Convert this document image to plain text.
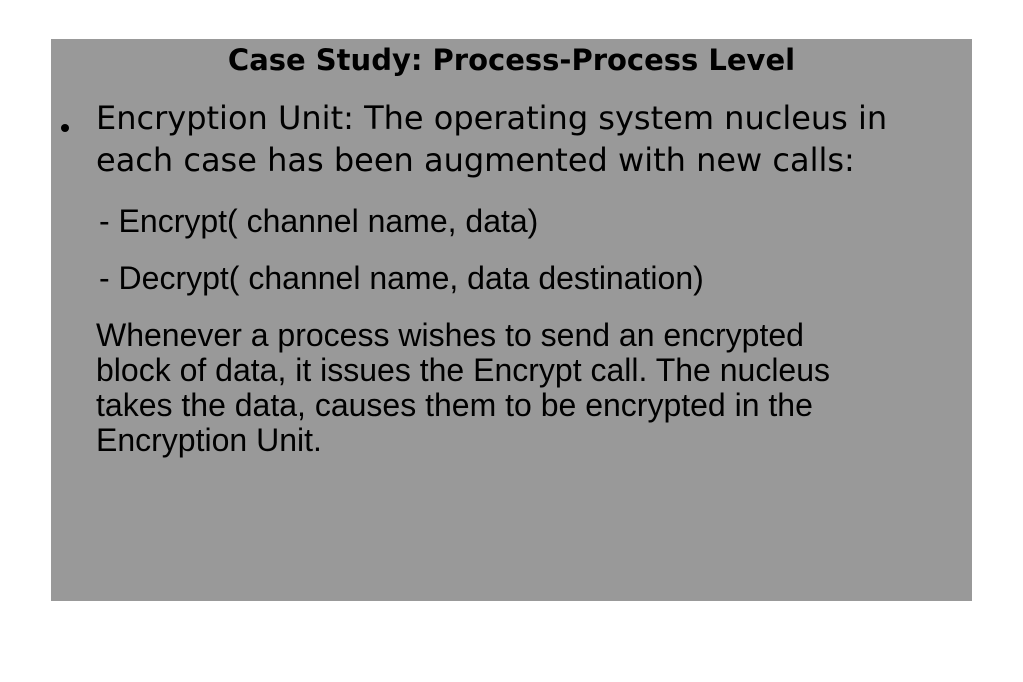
Case Study: Process-Process Level

Encryption Unit: The operating system nucleus in each case has been augmented with new calls:

- Encrypt( channel name, data)

- Decrypt( channel name, data destination)

Whenever a process wishes to send an encrypted
block of data, it issues the Encrypt call. The nucleus
takes the data, causes them to be encrypted in the
Encryption Unit.
